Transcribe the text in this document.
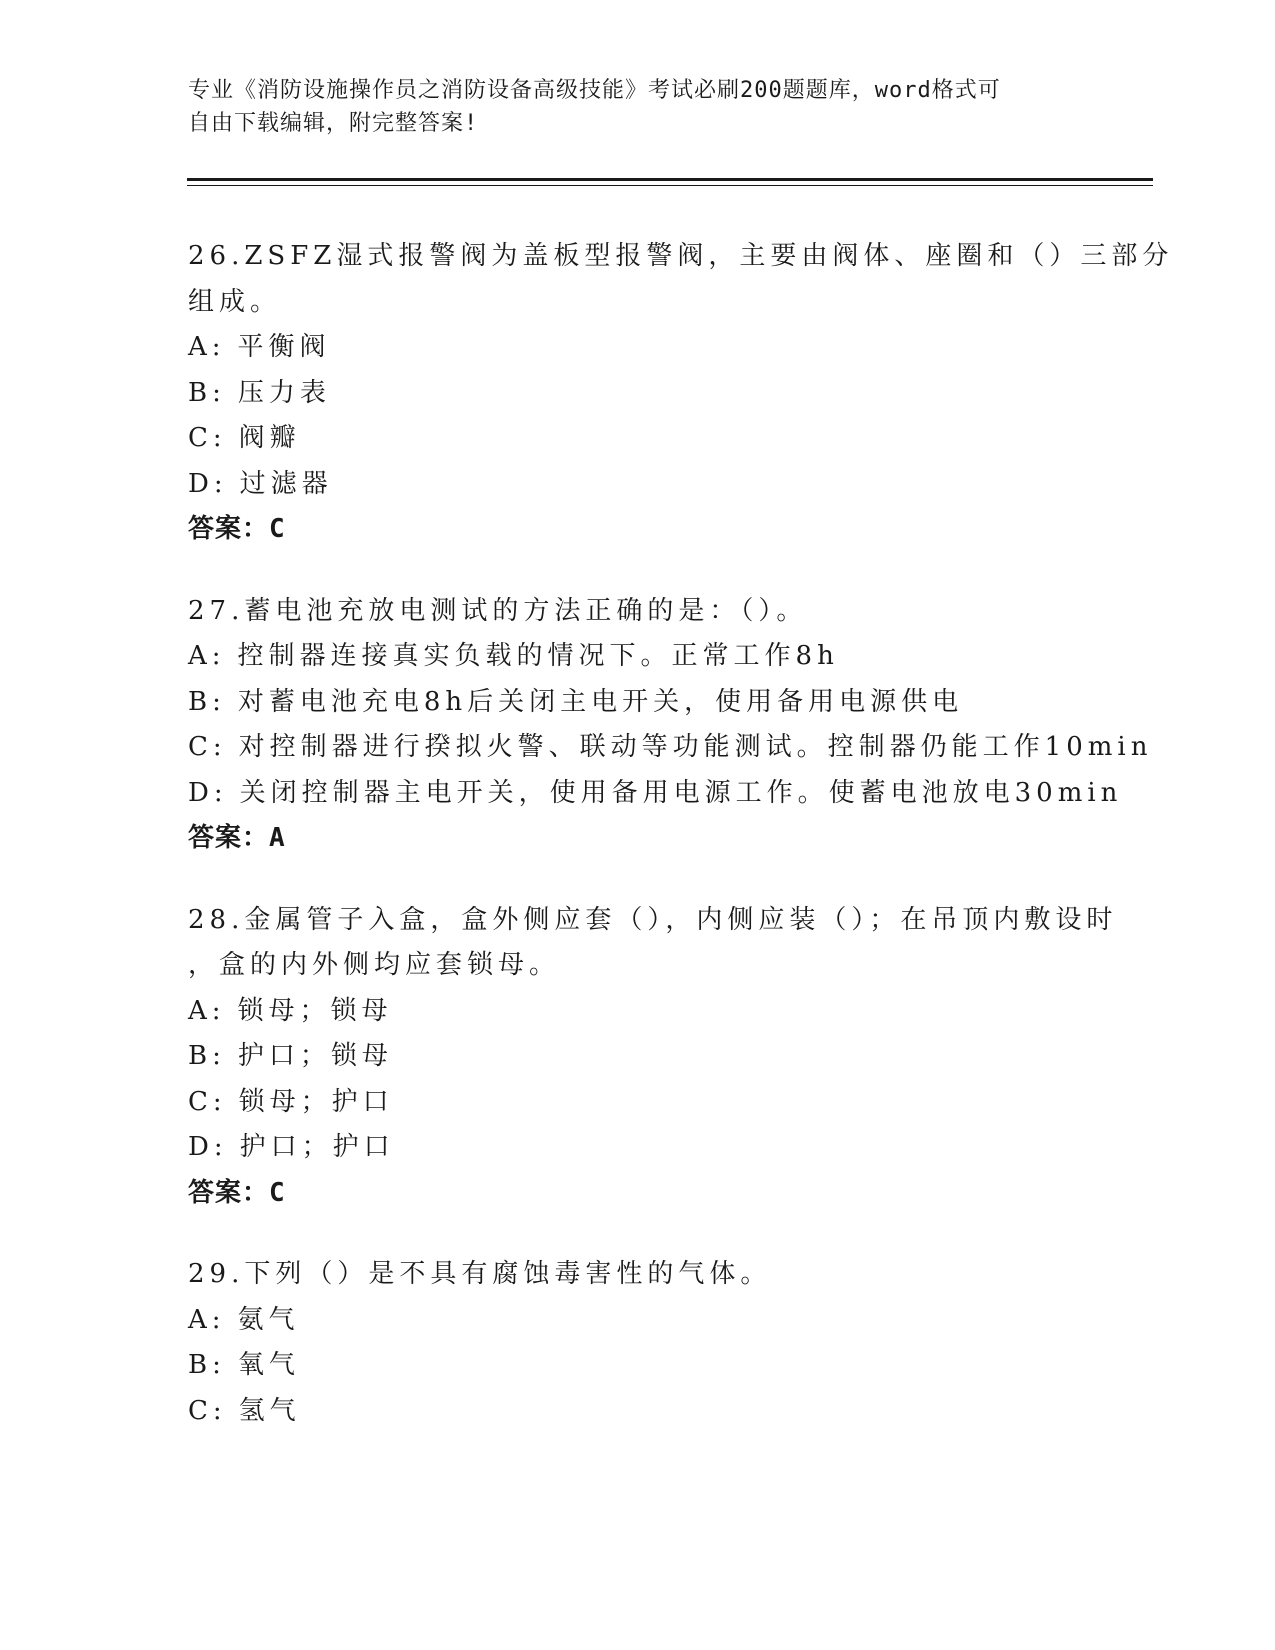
专业《消防设施操作员之消防设备高级技能》考试必刷200题题库，word格式可
自由下载编辑，附完整答案!
26.ZSFZ湿式报警阀为盖板型报警阀，主要由阀体、座圈和（）三部分
组成。
A: 平衡阀
B: 压力表
C: 阀瓣
D: 过滤器
答案：C
27.蓄电池充放电测试的方法正确的是：（）。
A: 控制器连接真实负载的情况下。正常工作8h
B: 对蓄电池充电8h后关闭主电开关，使用备用电源供电
C: 对控制器进行揆拟火警、联动等功能测试。控制器仍能工作10min
D: 关闭控制器主电开关，使用备用电源工作。使蓄电池放电30min
答案：A
28.金属管子入盒，盒外侧应套（），内侧应装（）；在吊顶内敷设时
，盒的内外侧均应套锁母。
A: 锁母；锁母
B: 护口；锁母
C: 锁母；护口
D: 护口；护口
答案：C
29.下列（）是不具有腐蚀毒害性的气体。
A: 氨气
B: 氧气
C: 氢气
